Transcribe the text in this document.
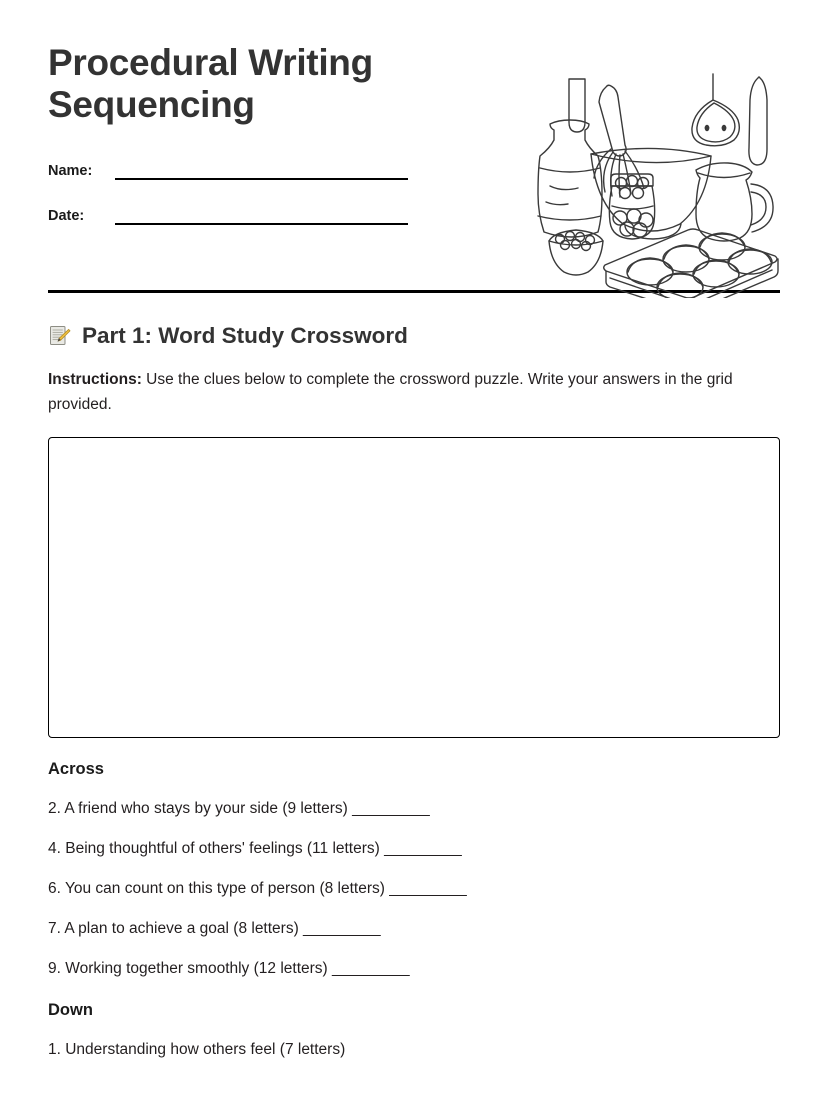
Procedural Writing Sequencing
Name:
Date:
Part 1: Word Study Crossword

Instructions: Use the clues below to complete the crossword puzzle. Write your answers in the grid provided.

Across
2. A friend who stays by your side (9 letters) _________
4. Being thoughtful of others' feelings (11 letters) _________
6. You can count on this type of person (8 letters) _________
7. A plan to achieve a goal (8 letters) _________
9. Working together smoothly (12 letters) _________
Down
1. Understanding how others feel (7 letters)
